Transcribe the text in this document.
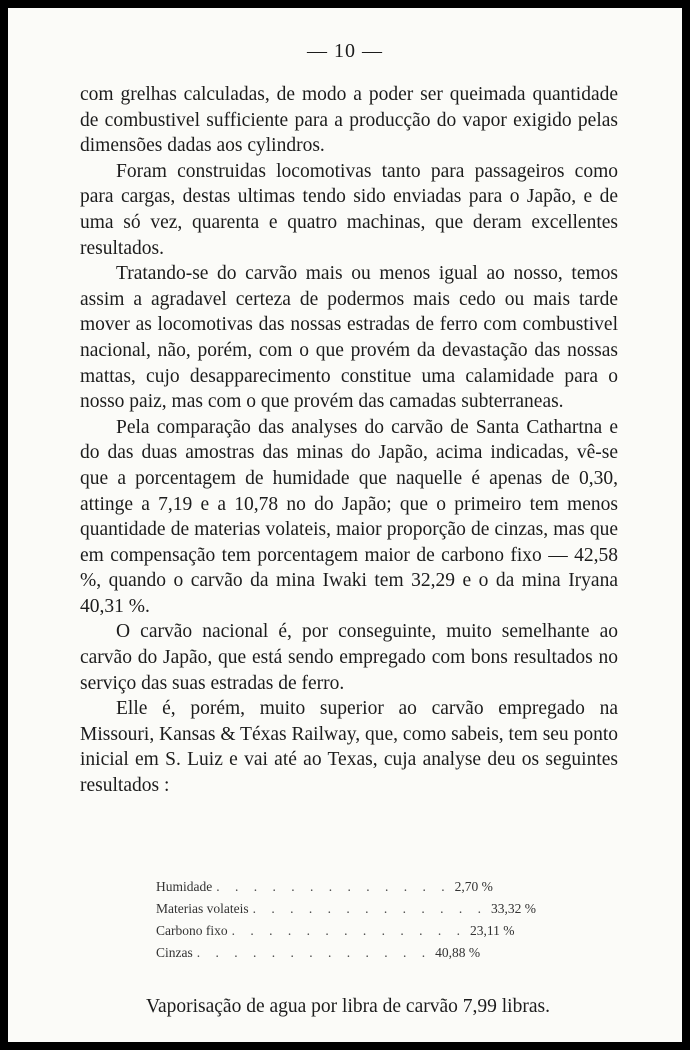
— 10 —

com grelhas calculadas, de modo a poder ser queimada quantidade de combustivel sufficiente para a producção do vapor exigido pelas dimensões dadas aos cylindros.

Foram construidas locomotivas tanto para passageiros como para cargas, destas ultimas tendo sido enviadas para o Japão, e de uma só vez, quarenta e quatro machinas, que deram excellentes resultados.

Tratando-se do carvão mais ou menos igual ao nosso, temos assim a agradavel certeza de podermos mais cedo ou mais tarde mover as locomotivas das nossas estradas de ferro com combustivel nacional, não, porém, com o que provém da devastação das nossas mattas, cujo desapparecimento constitue uma calamidade para o nosso paiz, mas com o que provém das camadas subterraneas.

Pela comparação das analyses do carvão de Santa Cathartna e do das duas amostras das minas do Japão, acima indicadas, vê-se que a porcentagem de humidade que naquelle é apenas de 0,30, attinge a 7,19 e a 10,78 no do Japão; que o primeiro tem menos quantidade de materias volateis, maior proporção de cinzas, mas que em compensação tem porcentagem maior de carbono fixo — 42,58 %, quando o carvão da mina Iwaki tem 32,29 e o da mina Iryana 40,31 %.

O carvão nacional é, por conseguinte, muito semelhante ao carvão do Japão, que está sendo empregado com bons resultados no serviço das suas estradas de ferro.

Elle é, porém, muito superior ao carvão empregado na Missouri, Kansas & Téxas Railway, que, como sabeis, tem seu ponto inicial em S. Luiz e vai até ao Texas, cuja analyse deu os seguintes resultados :

Humidade . . . . . . . . . . . . . 2,70 %
Materias volateis . . . . . . . . . . . . . 33,32 %
Carbono fixo . . . . . . . . . . . . . 23,11 %
Cinzas . . . . . . . . . . . . . 40,88 %
Vaporisação de agua por libra de carvão 7,99 libras.
